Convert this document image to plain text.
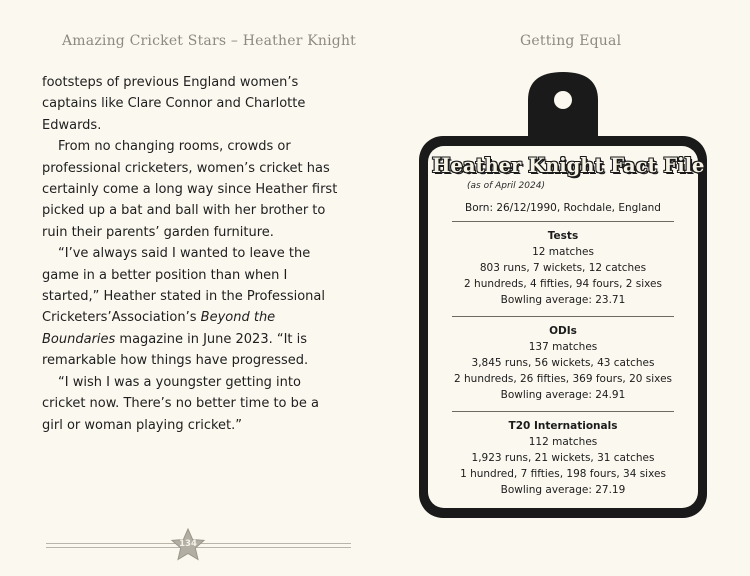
Amazing Cricket Stars – Heather Knight

footsteps of previous England women’s captains like Clare Connor and Charlotte Edwards.

From no changing rooms, crowds or professional cricketers, women’s cricket has certainly come a long way since Heather first picked up a bat and ball with her brother to ruin their parents’ garden furniture.

“I’ve always said I wanted to leave the game in a better position than when I started,” Heather stated in the Professional Cricketers’Association’s Beyond the Boundaries magazine in June 2023. “It is remarkable how things have progressed.

“I wish I was a youngster getting into cricket now. There’s no better time to be a girl or woman playing cricket.”

134
Getting Equal
Heather Knight Fact File
(as of April 2024)
Born: 26/12/1990, Rochdale, England
Tests
12 matches
803 runs, 7 wickets, 12 catches
2 hundreds, 4 fifties, 94 fours, 2 sixes
Bowling average: 23.71
ODIs
137 matches
3,845 runs, 56 wickets, 43 catches
2 hundreds, 26 fifties, 369 fours, 20 sixes
Bowling average: 24.91
T20 Internationals
112 matches
1,923 runs, 21 wickets, 31 catches
1 hundred, 7 fifties, 198 fours, 34 sixes
Bowling average: 27.19
